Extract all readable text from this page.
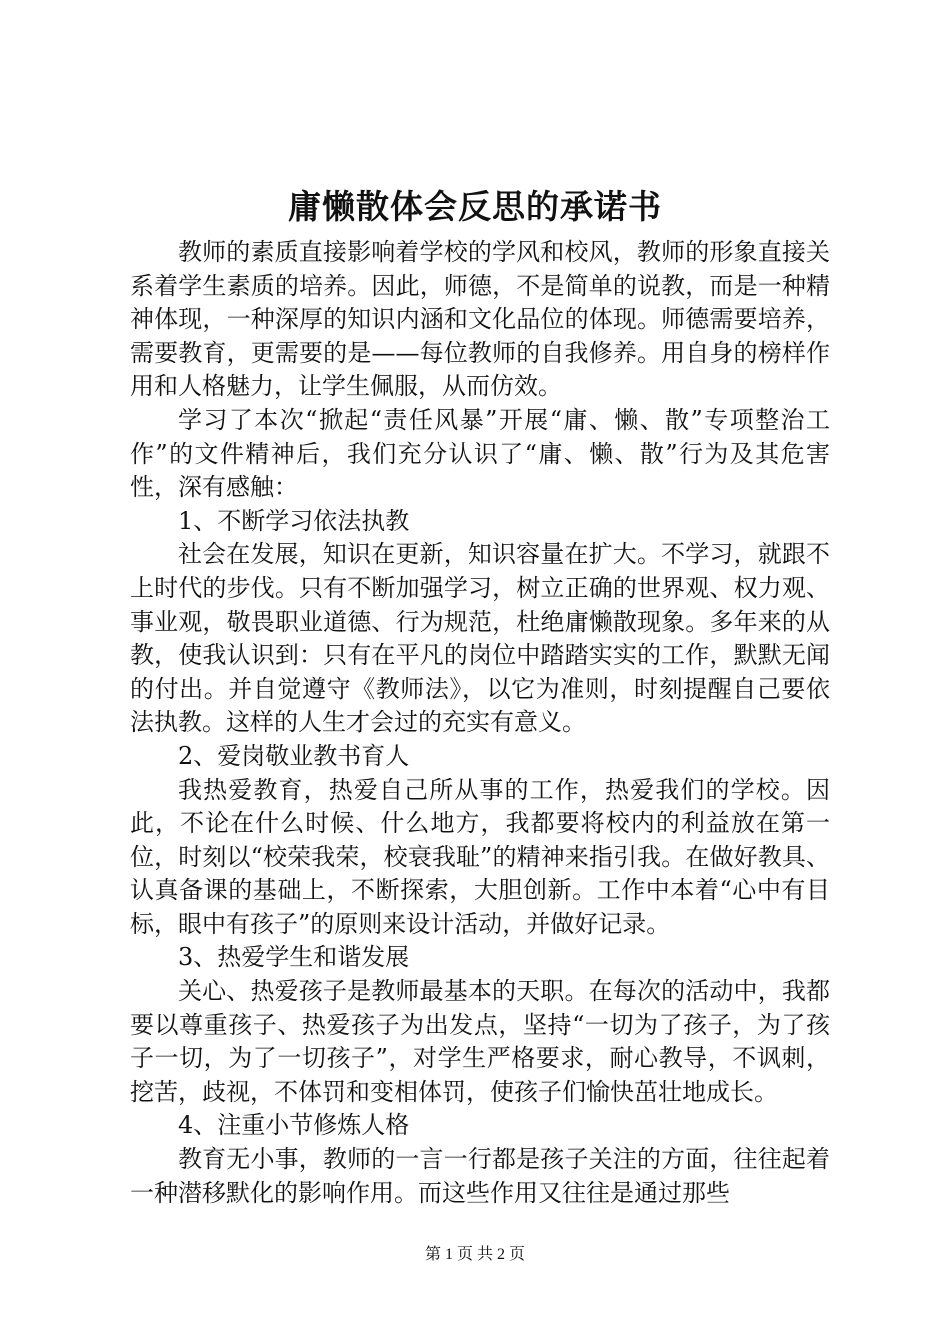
庸懒散体会反思的承诺书

教师的素质直接影响着学校的学风和校风，教师的形象直接关系着学生素质的培养。因此，师德，不是简单的说教，而是一种精神体现，一种深厚的知识内涵和文化品位的体现。师德需要培养，需要教育，更需要的是——每位教师的自我修养。用自身的榜样作用和人格魅力，让学生佩服，从而仿效。

学习了本次“掀起“责任风暴”开展“庸、懒、散”专项整治工作”的文件精神后，我们充分认识了“庸、懒、散”行为及其危害性，深有感触：

1、不断学习依法执教

社会在发展，知识在更新，知识容量在扩大。不学习，就跟不上时代的步伐。只有不断加强学习，树立正确的世界观、权力观、事业观，敬畏职业道德、行为规范，杜绝庸懒散现象。多年来的从教，使我认识到：只有在平凡的岗位中踏踏实实的工作，默默无闻的付出。并自觉遵守《教师法》，以它为准则，时刻提醒自己要依法执教。这样的人生才会过的充实有意义。

2、爱岗敬业教书育人

我热爱教育，热爱自己所从事的工作，热爱我们的学校。因此，不论在什么时候、什么地方，我都要将校内的利益放在第一位，时刻以“校荣我荣，校衰我耻”的精神来指引我。在做好教具、认真备课的基础上，不断探索，大胆创新。工作中本着“心中有目标，眼中有孩子”的原则来设计活动，并做好记录。

3、热爱学生和谐发展

关心、热爱孩子是教师最基本的天职。在每次的活动中，我都要以尊重孩子、热爱孩子为出发点，坚持“一切为了孩子，为了孩子一切，为了一切孩子”，对学生严格要求，耐心教导，不讽刺，挖苦，歧视，不体罚和变相体罚，使孩子们愉快茁壮地成长。

4、注重小节修炼人格

教育无小事，教师的一言一行都是孩子关注的方面，往往起着一种潜移默化的影响作用。而这些作用又往往是通过那些

第 1 页 共 2 页
